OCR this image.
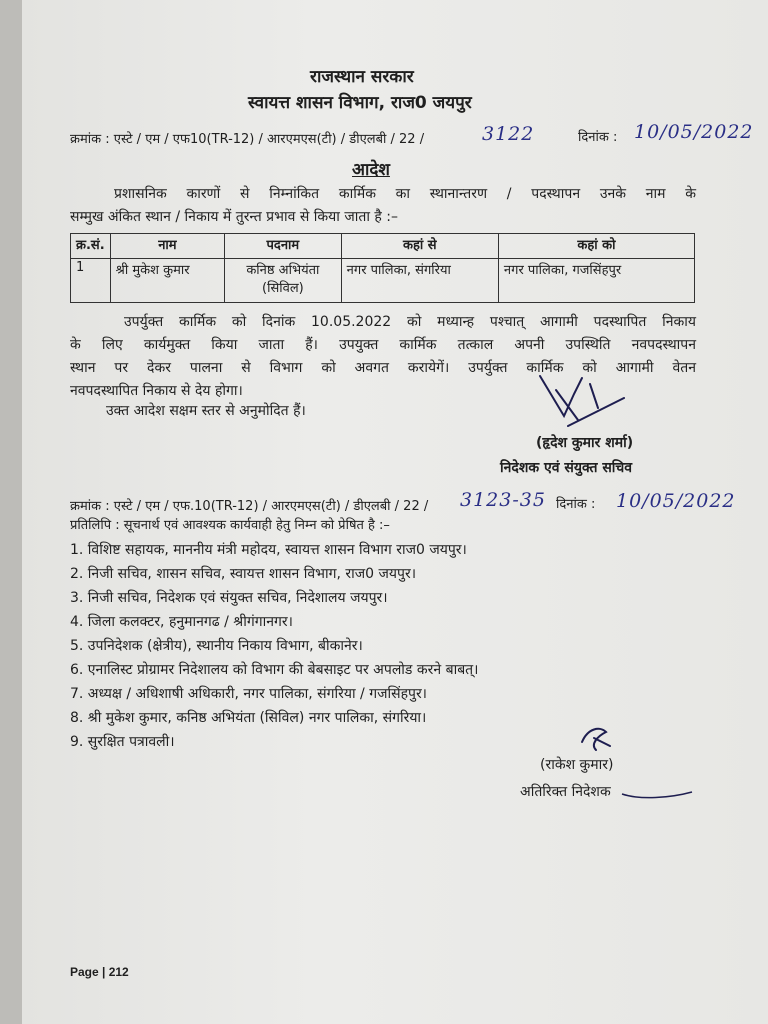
राजस्थान सरकार
स्वायत्त शासन विभाग, राज0 जयपुर
क्रमांक : एस्टे / एम / एफ10(TR-12) / आरएमएस(टी) / डीएलबी / 22 /	3122	दिनांक : 10/05/2022
आदेश
प्रशासनिक कारणों से निम्नांकित कार्मिक का स्थानान्तरण / पदस्थापन उनके नाम के
सम्मुख अंकित स्थान / निकाय में तुरन्त प्रभाव से किया जाता है :–
क्र.सं.	नाम	पदनाम	कहां से	कहां को
1	श्री मुकेश कुमार	कनिष्ठ अभियंता (सिविल)	नगर पालिका, संगरिया	नगर पालिका, गजसिंहपुर
उपर्युक्त कार्मिक को दिनांक 10.05.2022 को मध्यान्ह पश्चात् आगामी पदस्थापित निकाय
के लिए कार्यमुक्त किया जाता हैं। उपयुक्त कार्मिक तत्काल अपनी उपस्थिति नवपदस्थापन
स्थान पर देकर पालना से विभाग को अवगत करायेगें। उपर्युक्त कार्मिक को आगामी वेतन
नवपदस्थापित निकाय से देय होगा।
उक्त आदेश सक्षम स्तर से अनुमोदित हैं।
(हृदेश कुमार शर्मा)
निदेशक एवं संयुक्त सचिव
क्रमांक : एस्टे / एम / एफ.10(TR-12) / आरएमएस(टी) / डीएलबी / 22 / 3123-35 दिनांक : 10/05/2022
प्रतिलिपि : सूचनार्थ एवं आवश्यक कार्यवाही हेतु निम्न को प्रेषित है :–
1. विशिष्ट सहायक, माननीय मंत्री महोदय, स्वायत्त शासन विभाग राज0 जयपुर।
2. निजी सचिव, शासन सचिव, स्वायत्त शासन विभाग, राज0 जयपुर।
3. निजी सचिव, निदेशक एवं संयुक्त सचिव, निदेशालय जयपुर।
4. जिला कलक्टर, हनुमानगढ / श्रीगंगानगर।
5. उपनिदेशक (क्षेत्रीय), स्थानीय निकाय विभाग, बीकानेर।
6. एनालिस्ट प्रोग्रामर निदेशालय को विभाग की बेबसाइट पर अपलोड करने बाबत्।
7. अध्यक्ष / अधिशाषी अधिकारी, नगर पालिका, संगरिया / गजसिंहपुर।
8. श्री मुकेश कुमार, कनिष्ठ अभियंता (सिविल) नगर पालिका, संगरिया।
9. सुरक्षित पत्रावली।
(राकेश कुमार)
अतिरिक्त निदेशक
Page | 212
